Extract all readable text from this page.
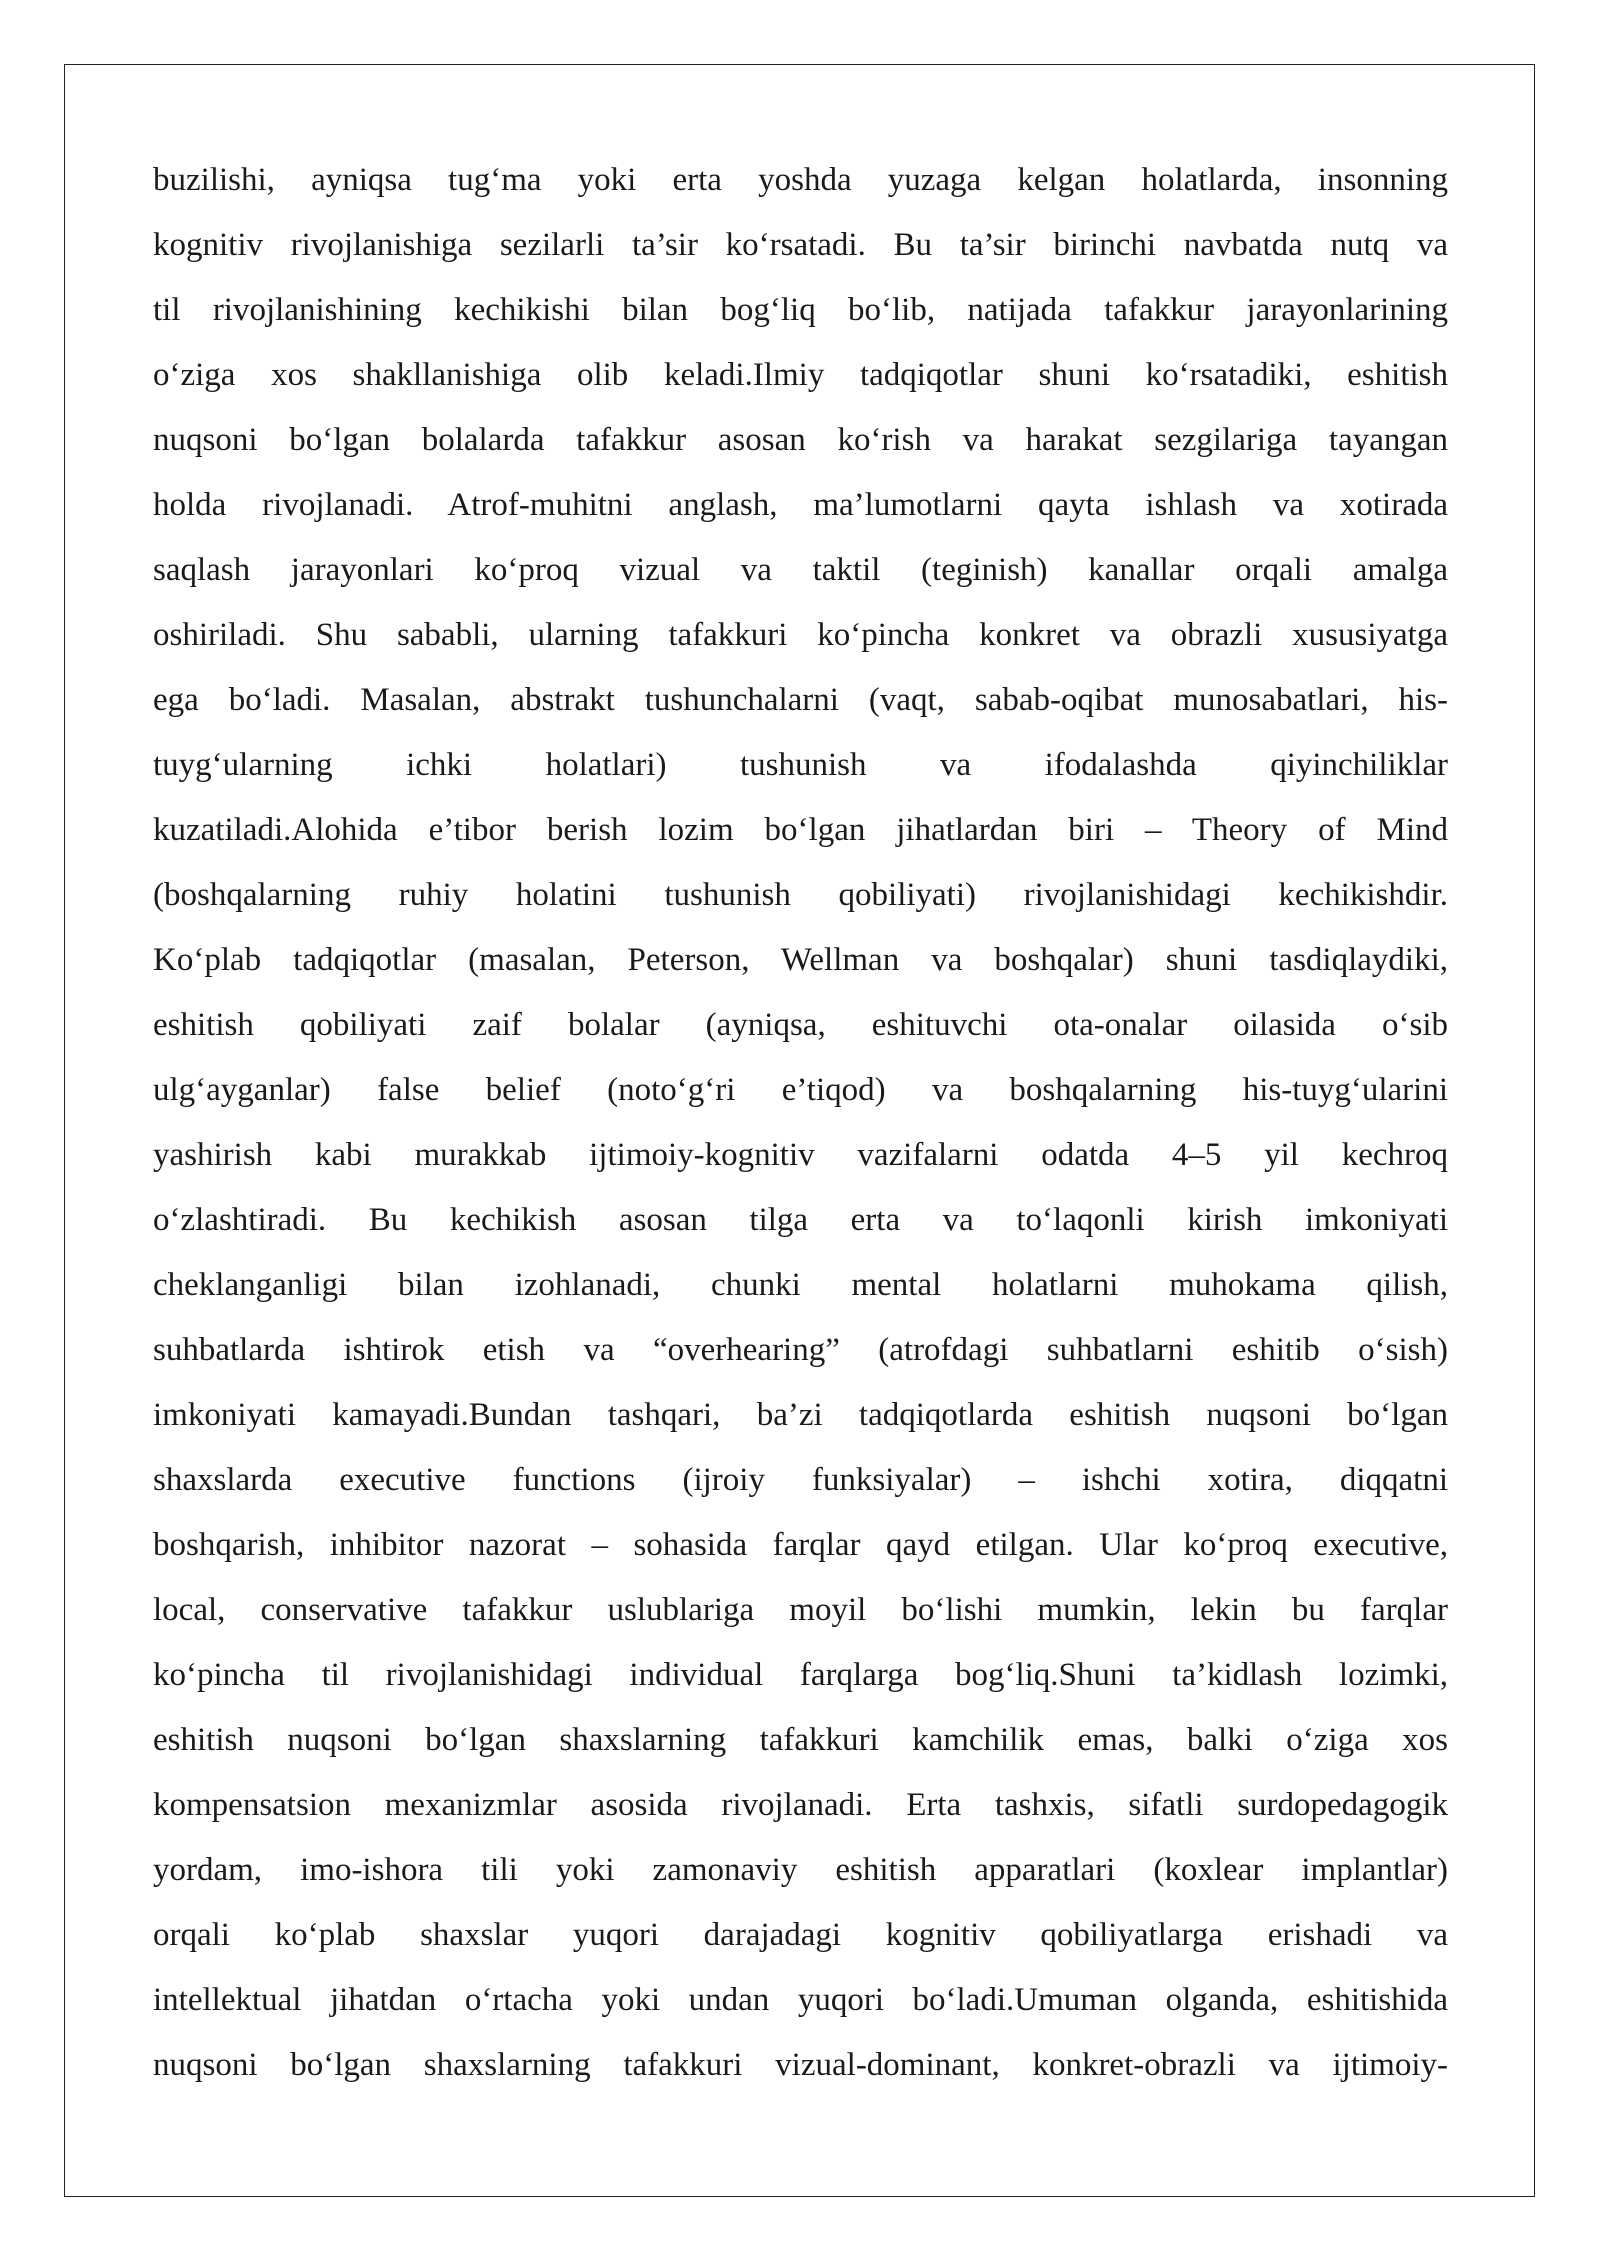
buzilishi, ayniqsa tug‘ma yoki erta yoshda yuzaga kelgan holatlarda, insonning
kognitiv rivojlanishiga sezilarli ta’sir ko‘rsatadi. Bu ta’sir birinchi navbatda nutq va
til rivojlanishining kechikishi bilan bog‘liq bo‘lib, natijada tafakkur jarayonlarining
o‘ziga xos shakllanishiga olib keladi.Ilmiy tadqiqotlar shuni ko‘rsatadiki, eshitish
nuqsoni bo‘lgan bolalarda tafakkur asosan ko‘rish va harakat sezgilariga tayangan
holda rivojlanadi. Atrof-muhitni anglash, ma’lumotlarni qayta ishlash va xotirada
saqlash jarayonlari ko‘proq vizual va taktil (teginish) kanallar orqali amalga
oshiriladi. Shu sababli, ularning tafakkuri ko‘pincha konkret va obrazli xususiyatga
ega bo‘ladi. Masalan, abstrakt tushunchalarni (vaqt, sabab-oqibat munosabatlari, his-
tuyg‘ularning ichki holatlari) tushunish va ifodalashda qiyinchiliklar
kuzatiladi.Alohida e’tibor berish lozim bo‘lgan jihatlardan biri – Theory of Mind
(boshqalarning ruhiy holatini tushunish qobiliyati) rivojlanishidagi kechikishdir.
Ko‘plab tadqiqotlar (masalan, Peterson, Wellman va boshqalar) shuni tasdiqlaydiki,
eshitish qobiliyati zaif bolalar (ayniqsa, eshituvchi ota-onalar oilasida o‘sib
ulg‘ayganlar) false belief (noto‘g‘ri e’tiqod) va boshqalarning his-tuyg‘ularini
yashirish kabi murakkab ijtimoiy-kognitiv vazifalarni odatda 4–5 yil kechroq
o‘zlashtiradi. Bu kechikish asosan tilga erta va to‘laqonli kirish imkoniyati
cheklanganligi bilan izohlanadi, chunki mental holatlarni muhokama qilish,
suhbatlarda ishtirok etish va “overhearing” (atrofdagi suhbatlarni eshitib o‘sish)
imkoniyati kamayadi.Bundan tashqari, ba’zi tadqiqotlarda eshitish nuqsoni bo‘lgan
shaxslarda executive functions (ijroiy funksiyalar) – ishchi xotira, diqqatni
boshqarish, inhibitor nazorat – sohasida farqlar qayd etilgan. Ular ko‘proq executive,
local, conservative tafakkur uslublariga moyil bo‘lishi mumkin, lekin bu farqlar
ko‘pincha til rivojlanishidagi individual farqlarga bog‘liq.Shuni ta’kidlash lozimki,
eshitish nuqsoni bo‘lgan shaxslarning tafakkuri kamchilik emas, balki o‘ziga xos
kompensatsion mexanizmlar asosida rivojlanadi. Erta tashxis, sifatli surdopedagogik
yordam, imo-ishora tili yoki zamonaviy eshitish apparatlari (koxlear implantlar)
orqali ko‘plab shaxslar yuqori darajadagi kognitiv qobiliyatlarga erishadi va
intellektual jihatdan o‘rtacha yoki undan yuqori bo‘ladi.Umuman olganda, eshitishida
nuqsoni bo‘lgan shaxslarning tafakkuri vizual-dominant, konkret-obrazli va ijtimoiy-
